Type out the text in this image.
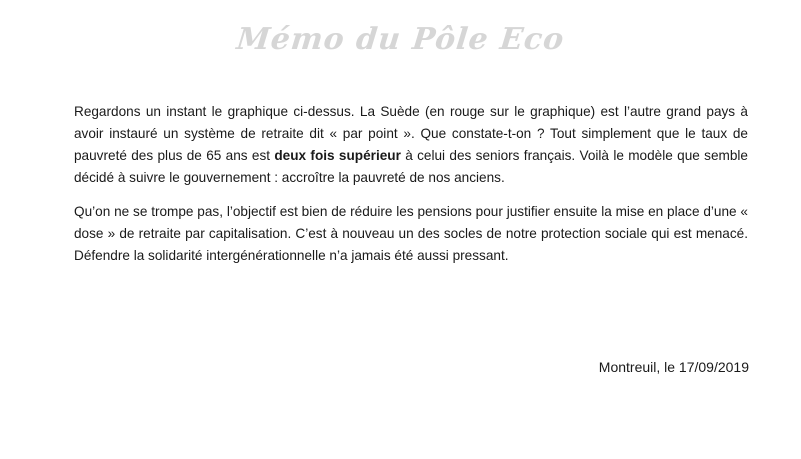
Mémo du Pôle Eco

Regardons un instant le graphique ci-dessus. La Suède (en rouge sur le graphique) est l’autre grand pays à avoir instauré un système de retraite dit « par point ». Que constate-t-on ? Tout simplement que le taux de pauvreté des plus de 65 ans est deux fois supérieur à celui des seniors français. Voilà le modèle que semble décidé à suivre le gouvernement : accroître la pauvreté de nos anciens.

Qu’on ne se trompe pas, l’objectif est bien de réduire les pensions pour justifier ensuite la mise en place d’une « dose » de retraite par capitalisation. C’est à nouveau un des socles de notre protection sociale qui est menacé. Défendre la solidarité intergénérationnelle n’a jamais été aussi pressant.

Montreuil, le 17/09/2019
